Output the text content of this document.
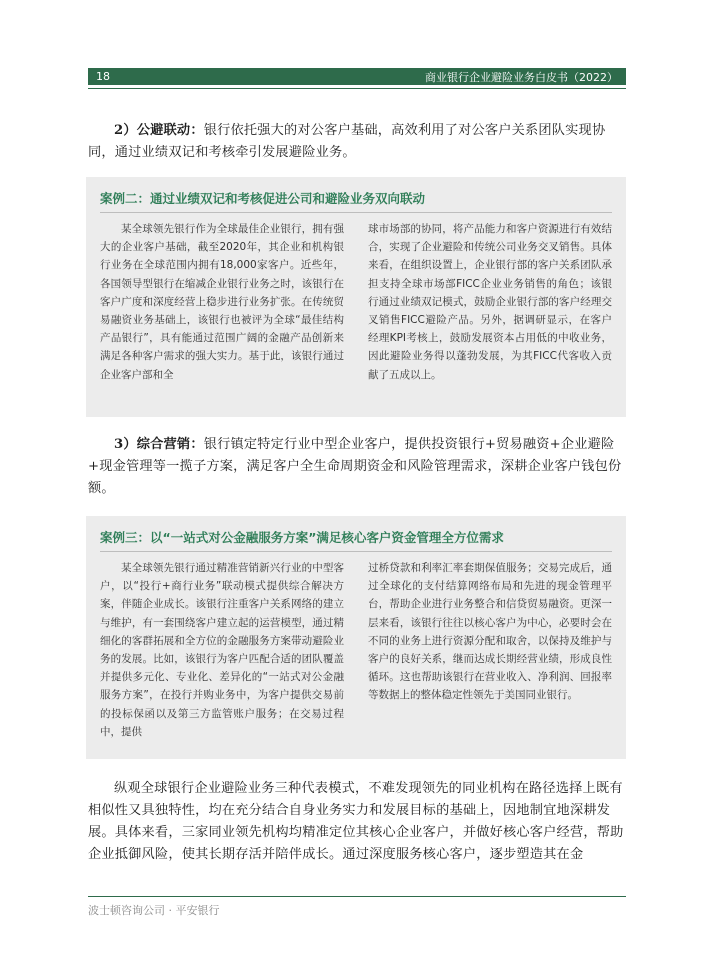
18	商业银行企业避险业务白皮书（2022）

2）公避联动：银行依托强大的对公客户基础，高效利用了对公客户关系团队实现协同，通过业绩双记和考核牵引发展避险业务。

案例二：通过业绩双记和考核促进公司和避险业务双向联动

某全球领先银行作为全球最佳企业银行，拥有强大的企业客户基础，截至2020年，其企业和机构银行业务在全球范围内拥有18,000家客户。近些年，各国领导型银行在缩减企业银行业务之时，该银行在客户广度和深度经营上稳步进行业务扩张。在传统贸易融资业务基础上，该银行也被评为全球“最佳结构产品银行”，具有能通过范围广阔的金融产品创新来满足各种客户需求的强大实力。基于此，该银行通过企业客户部和全

球市场部的协同，将产品能力和客户资源进行有效结合，实现了企业避险和传统公司业务交叉销售。具体来看，在组织设置上，企业银行部的客户关系团队承担支持全球市场部FICC企业业务销售的角色；该银行通过业绩双记模式，鼓励企业银行部的客户经理交叉销售FICC避险产品。另外，据调研显示，在客户经理KPI考核上，鼓励发展资本占用低的中收业务，因此避险业务得以蓬勃发展，为其FICC代客收入贡献了五成以上。

3）综合营销：银行镇定特定行业中型企业客户，提供投资银行+贸易融资+企业避险+现金管理等一揽子方案，满足客户全生命周期资金和风险管理需求，深耕企业客户钱包份额。

案例三：以“一站式对公金融服务方案”满足核心客户资金管理全方位需求

某全球领先银行通过精准营销新兴行业的中型客户，以“投行+商行业务”联动模式提供综合解决方案，伴随企业成长。该银行注重客户关系网络的建立与维护，有一套围绕客户建立起的运营模型，通过精细化的客群拓展和全方位的金融服务方案带动避险业务的发展。比如，该银行为客户匹配合适的团队覆盖并提供多元化、专业化、差异化的“一站式对公金融服务方案”，在投行并购业务中，为客户提供交易前的投标保函以及第三方监管账户服务；在交易过程中，提供

过桥贷款和利率汇率套期保值服务；交易完成后，通过全球化的支付结算网络布局和先进的现金管理平台，帮助企业进行业务整合和信贷贸易融资。更深一层来看，该银行往往以核心客户为中心，必要时会在不同的业务上进行资源分配和取舍，以保持及维护与客户的良好关系，继而达成长期经营业绩，形成良性循环。这也帮助该银行在营业收入、净利润、回报率等数据上的整体稳定性领先于美国同业银行。

纵观全球银行企业避险业务三种代表模式，不难发现领先的同业机构在路径选择上既有相似性又具独特性，均在充分结合自身业务实力和发展目标的基础上，因地制宜地深耕发展。具体来看，三家同业领先机构均精准定位其核心企业客户，并做好核心客户经营，帮助企业抵御风险，使其长期存活并陪伴成长。通过深度服务核心客户，逐步塑造其在金

波士顿咨询公司 · 平安银行
